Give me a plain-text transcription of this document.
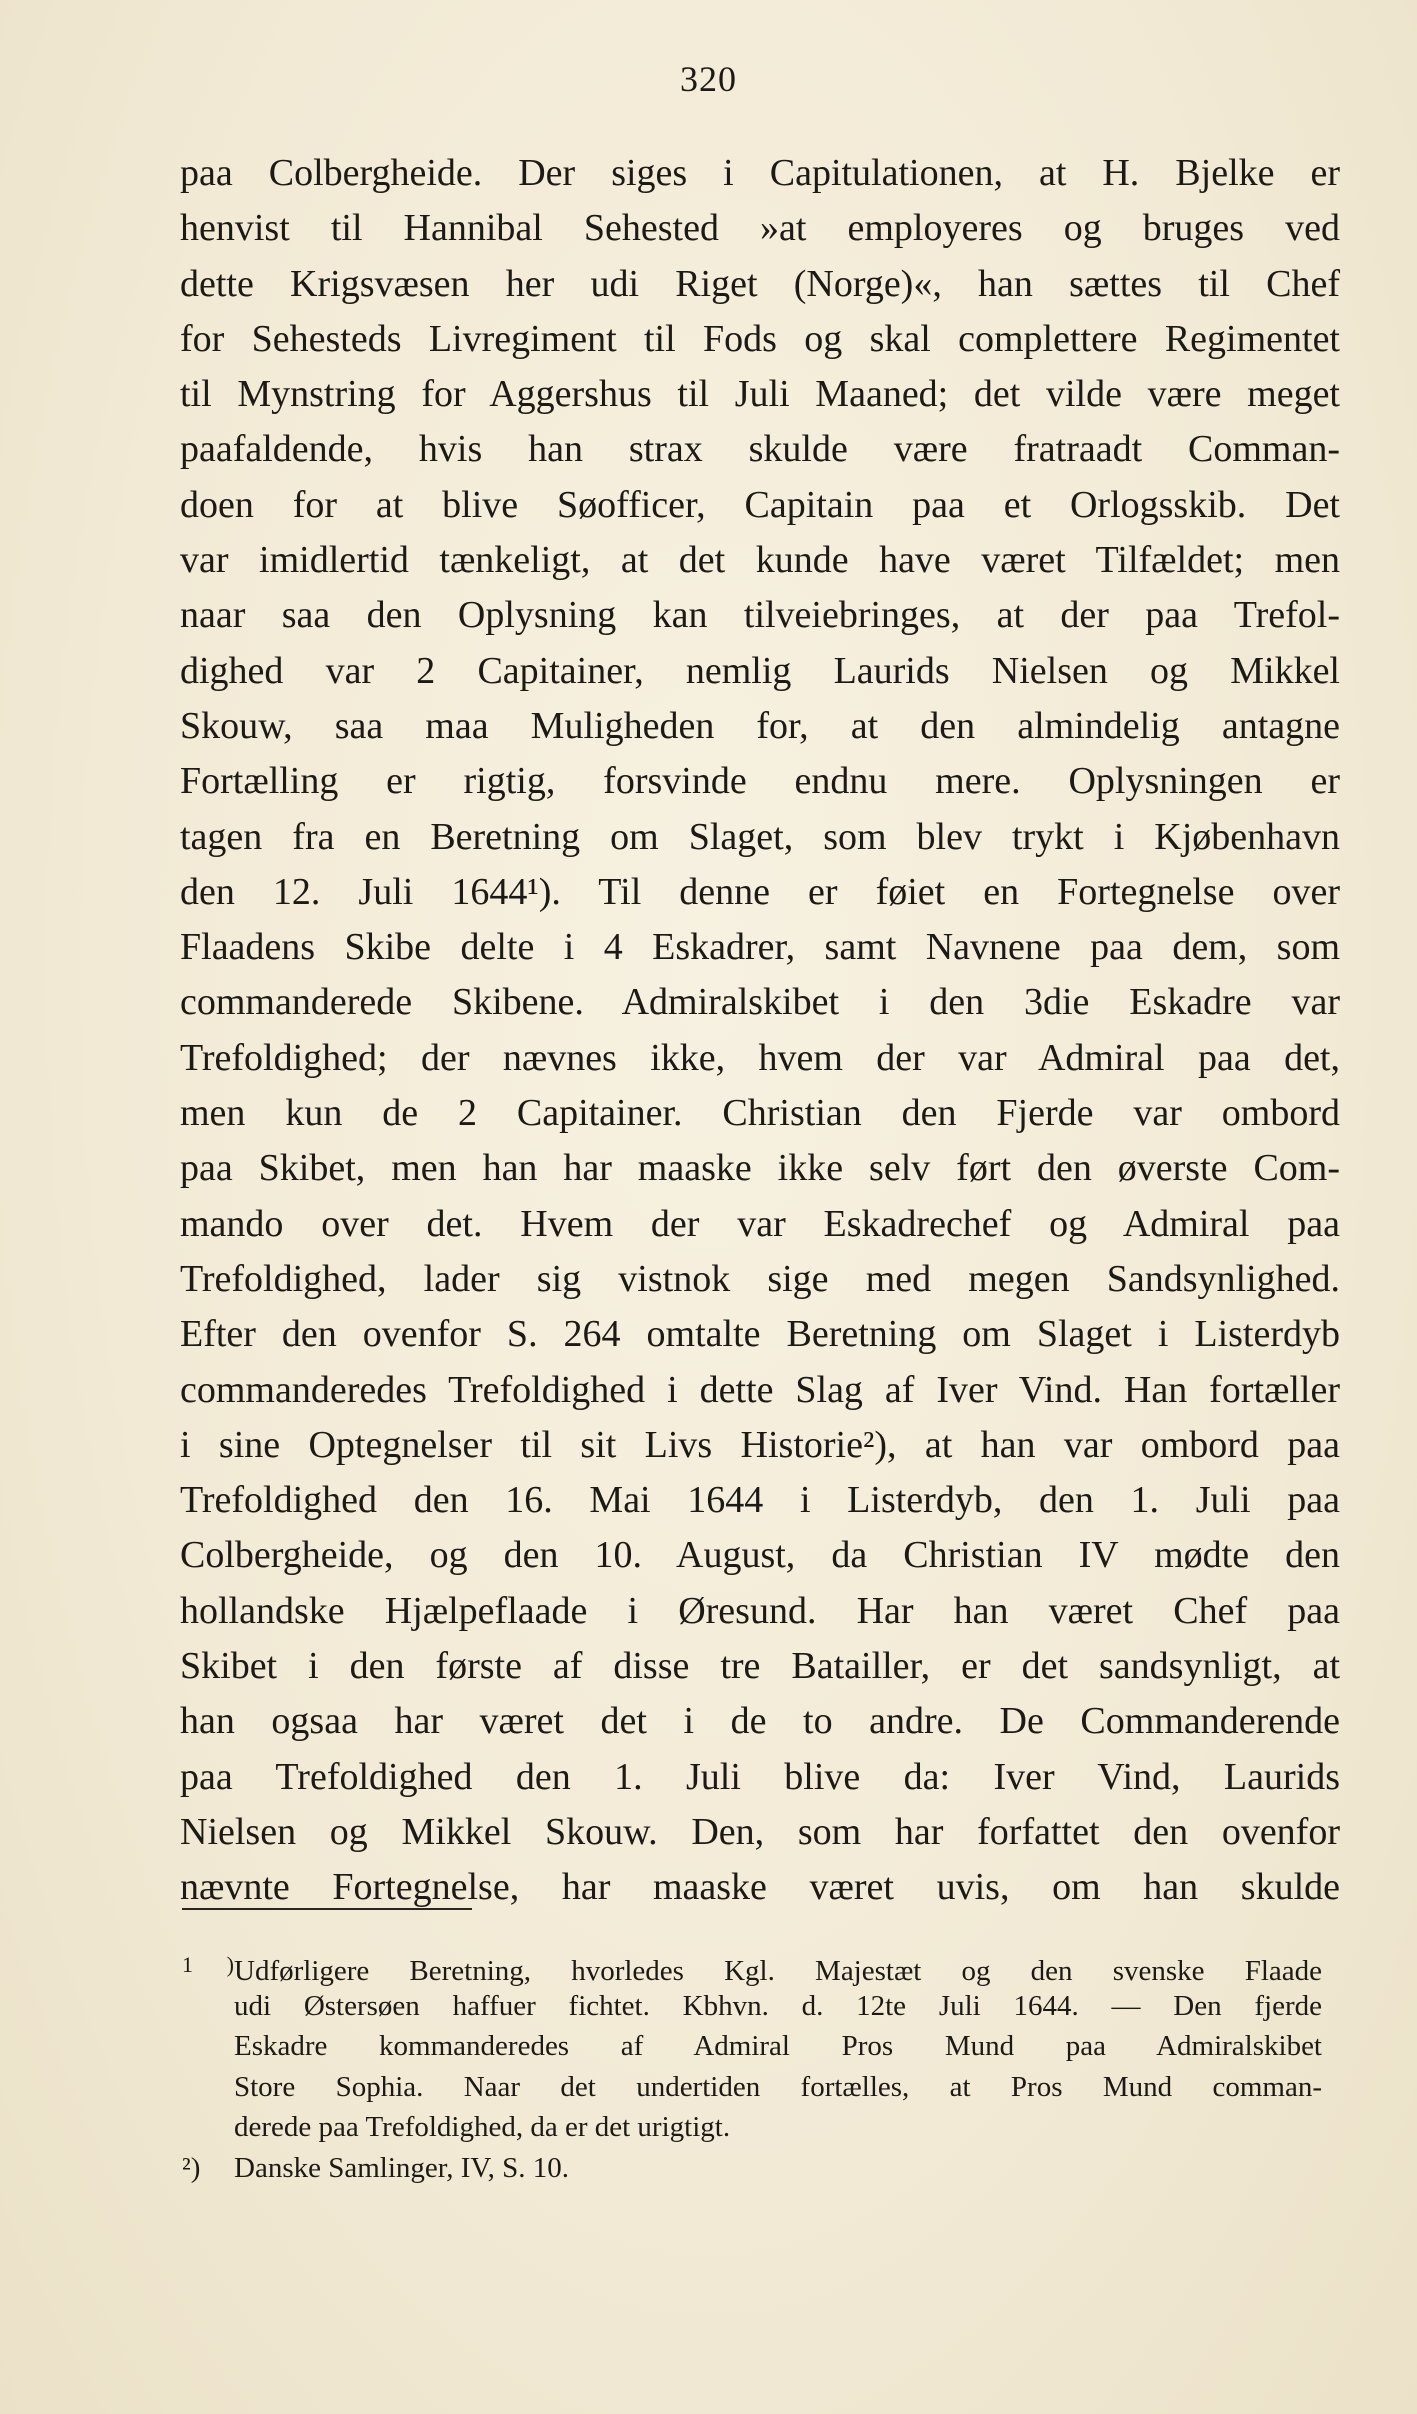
320
paa Colbergheide. Der siges i Capitulationen, at H. Bjelke er
henvist til Hannibal Sehested »at employeres og bruges ved
dette Krigsvæsen her udi Riget (Norge)«, han sættes til Chef
for Sehesteds Livregiment til Fods og skal complettere Regimentet
til Mynstring for Aggershus til Juli Maaned; det vilde være meget
paafaldende, hvis han strax skulde være fratraadt Comman-
doen for at blive Søofficer, Capitain paa et Orlogsskib. Det
var imidlertid tænkeligt, at det kunde have været Tilfældet; men
naar saa den Oplysning kan tilveiebringes, at der paa Trefol-
dighed var 2 Capitainer, nemlig Laurids Nielsen og Mikkel
Skouw, saa maa Muligheden for, at den almindelig antagne
Fortælling er rigtig, forsvinde endnu mere. Oplysningen er
tagen fra en Beretning om Slaget, som blev trykt i Kjøbenhavn
den 12. Juli 1644¹). Til denne er føiet en Fortegnelse over
Flaadens Skibe delte i 4 Eskadrer, samt Navnene paa dem, som
commanderede Skibene. Admiralskibet i den 3die Eskadre var
Trefoldighed; der nævnes ikke, hvem der var Admiral paa det,
men kun de 2 Capitainer. Christian den Fjerde var ombord
paa Skibet, men han har maaske ikke selv ført den øverste Com-
mando over det. Hvem der var Eskadrechef og Admiral paa
Trefoldighed, lader sig vistnok sige med megen Sandsynlighed.
Efter den ovenfor S. 264 omtalte Beretning om Slaget i Listerdyb
commanderedes Trefoldighed i dette Slag af Iver Vind. Han fortæller
i sine Optegnelser til sit Livs Historie²), at han var ombord paa
Trefoldighed den 16. Mai 1644 i Listerdyb, den 1. Juli paa
Colbergheide, og den 10. August, da Christian IV mødte den
hollandske Hjælpeflaade i Øresund. Har han været Chef paa
Skibet i den første af disse tre Batailler, er det sandsynligt, at
han ogsaa har været det i de to andre. De Commanderende
paa Trefoldighed den 1. Juli blive da: Iver Vind, Laurids
Nielsen og Mikkel Skouw. Den, som har forfattet den ovenfor
nævnte Fortegnelse, har maaske været uvis, om han skulde
1 )Udførligere Beretning, hvorledes Kgl. Majestæt og den svenske Flaade
udi Østersøen haffuer fichtet. Kbhvn. d. 12te Juli 1644. — Den fjerde
Eskadre kommanderedes af Admiral Pros Mund paa Admiralskibet
Store Sophia. Naar det undertiden fortælles, at Pros Mund comman-
derede paa Trefoldighed, da er det urigtigt.
²) Danske Samlinger, IV, S. 10.
